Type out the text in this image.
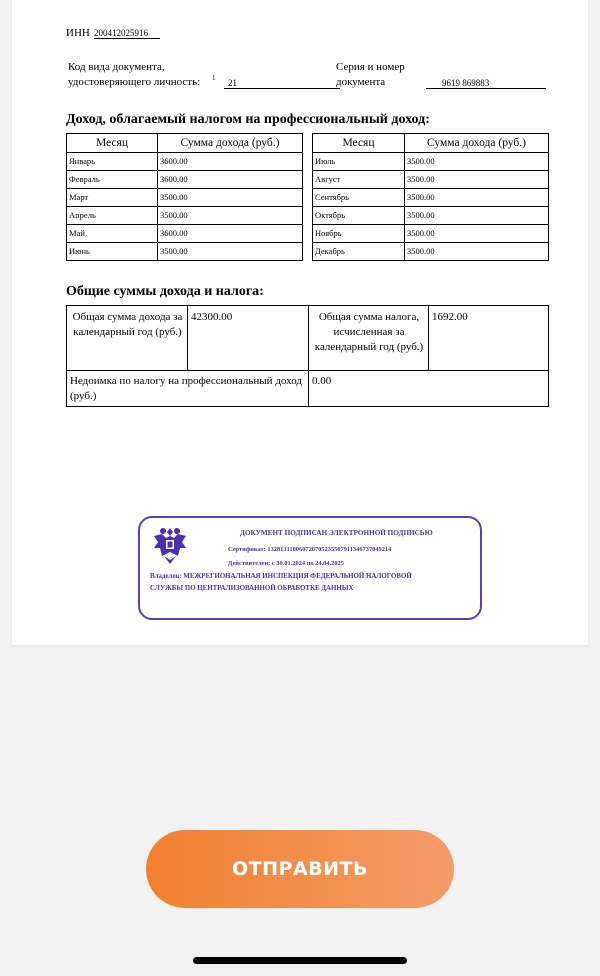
ИНН 200412025916
Код вида документа,
удостоверяющего личность: 1	21
Серия и номер
документа	9619 869883
Доход, облагаемый налогом на профессиональный доход:
Месяц	Сумма дохода (руб.)
Январь	3600.00
Февраль	3600.00
Март	3500.00
Апрель	3500.00
Май	3600.00
Июнь	3500.00
Месяц	Сумма дохода (руб.)
Июль	3500.00
Август	3500.00
Сентябрь	3500.00
Октябрь	3500.00
Ноябрь	3500.00
Декабрь	3500.00
Общие суммы дохода и налога:
Общая сумма дохода за календарный год (руб.)	42300.00	Общая сумма налога, исчисленная за календарный год (руб.)	1692.00
Недоимка по налогу на профессиональный доход (руб.)		0.00	
ДОКУМЕНТ ПОДПИСАН ЭЛЕКТРОННОЙ ПОДПИСЬЮ
Сертификат: 13281311806072070523550791134673704921⁠⁠4
Действителен: с 30.01.2024 по 24.04.2025
Владелец: МЕЖРЕГИОНАЛЬНАЯ ИНСПЕКЦИЯ ФЕДЕРАЛЬНОЙ НАЛОГОВОЙ
СЛУЖБЫ ПО ЦЕНТРАЛИЗОВАННОЙ ОБРАБОТКЕ ДАННЫХ
ОТПРАВИТЬ
